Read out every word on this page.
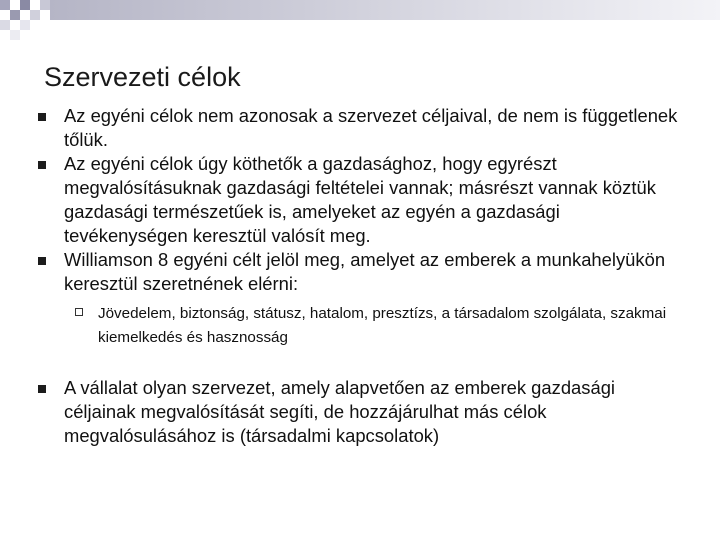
Szervezeti célok
Az egyéni célok nem azonosak a szervezet céljaival, de nem is függetlenek tőlük.
Az egyéni célok úgy köthetők a gazdasághoz, hogy egyrészt megvalósításuknak gazdasági feltételei vannak; másrészt vannak köztük gazdasági természetűek is, amelyeket az egyén a gazdasági tevékenységen keresztül valósít meg.
Williamson 8 egyéni célt jelöl meg, amelyet az emberek a munkahelyükön keresztül szeretnének elérni:
Jövedelem, biztonság, státusz, hatalom, presztízs, a társadalom szolgálata, szakmai kiemelkedés és hasznosság
A vállalat olyan szervezet, amely alapvetően az emberek gazdasági céljainak megvalósítását segíti, de hozzájárulhat más célok megvalósulásához is (társadalmi kapcsolatok)
